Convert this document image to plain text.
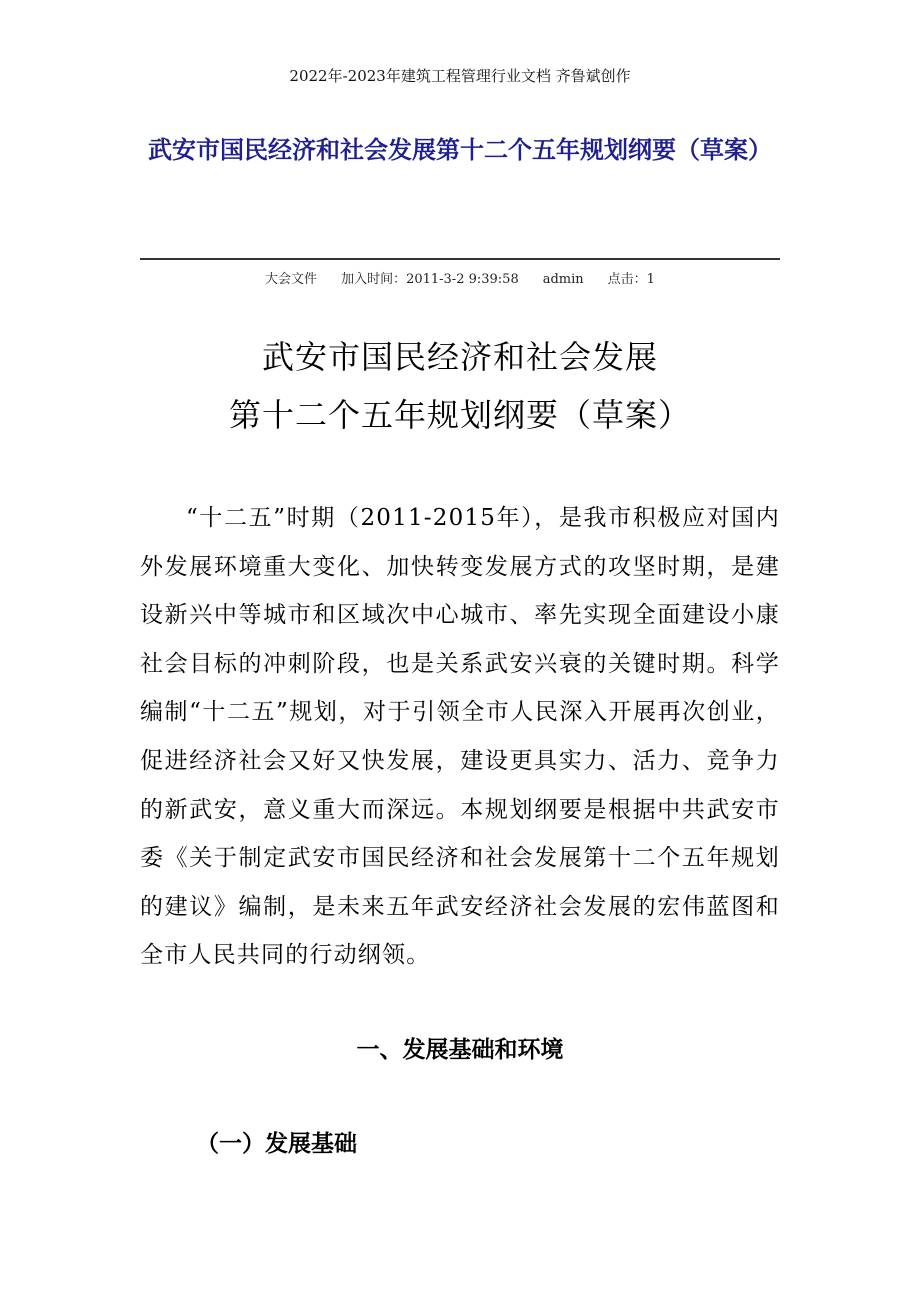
2022年-2023年建筑工程管理行业文档 齐鲁斌创作
武安市国民经济和社会发展第十二个五年规划纲要（草案）
大会文件 加入时间：2011-3-2 9:39:58 admin 点击：1
武安市国民经济和社会发展
第十二个五年规划纲要（草案）

“十二五”时期（2011-2015年），是我市积极应对国内外发展环境重大变化、加快转变发展方式的攻坚时期，是建设新兴中等城市和区域次中心城市、率先实现全面建设小康社会目标的冲刺阶段，也是关系武安兴衰的关键时期。科学编制“十二五”规划，对于引领全市人民深入开展再次创业，促进经济社会又好又快发展，建设更具实力、活力、竞争力的新武安，意义重大而深远。本规划纲要是根据中共武安市委《关于制定武安市国民经济和社会发展第十二个五年规划的建议》编制，是未来五年武安经济社会发展的宏伟蓝图和全市人民共同的行动纲领。

一、发展基础和环境
（一）发展基础
